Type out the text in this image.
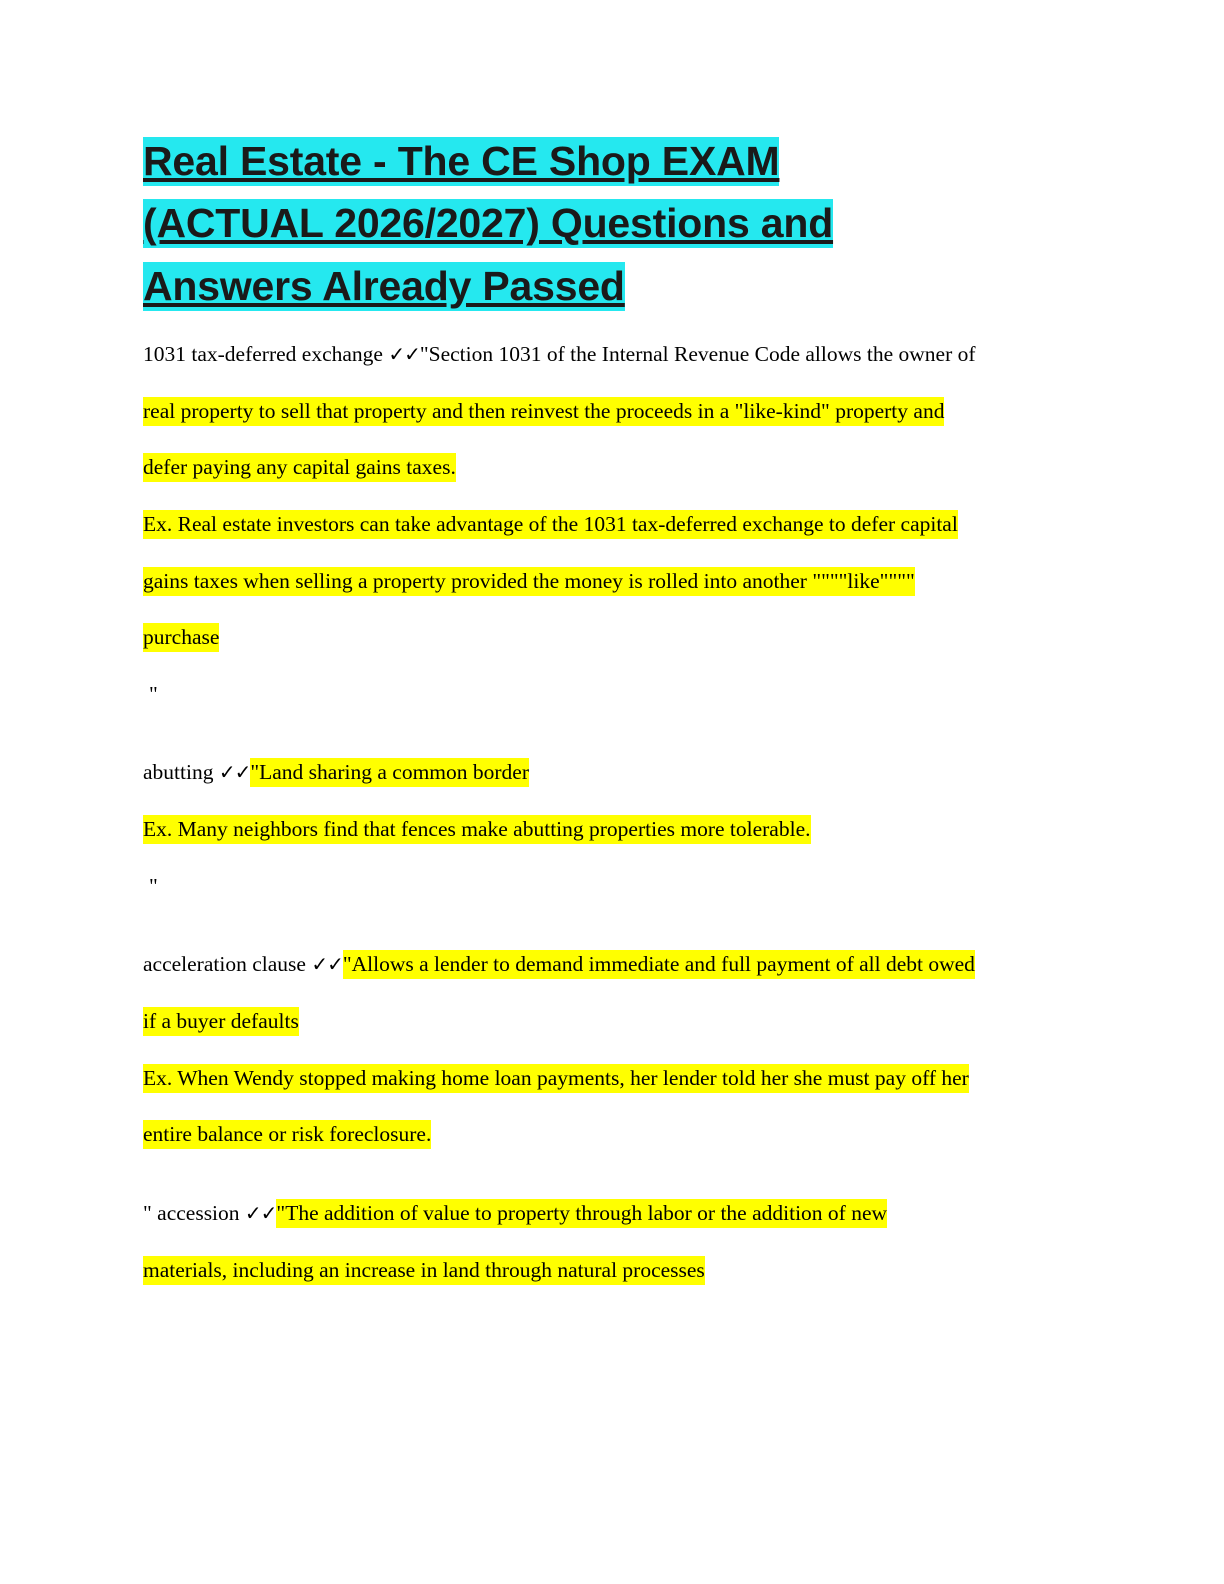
Real Estate - The CE Shop EXAM
(ACTUAL 2026/2027) Questions and
Answers Already Passed

1031 tax-deferred exchange ✓✓"Section 1031 of the Internal Revenue Code allows the owner of

real property to sell that property and then reinvest the proceeds in a "like-kind" property and

defer paying any capital gains taxes.

Ex. Real estate investors can take advantage of the 1031 tax-deferred exchange to defer capital

gains taxes when selling a property provided the money is rolled into another """"like""""

purchase

"

abutting ✓✓"Land sharing a common border

Ex. Many neighbors find that fences make abutting properties more tolerable.

"

acceleration clause ✓✓"Allows a lender to demand immediate and full payment of all debt owed

if a buyer defaults

Ex. When Wendy stopped making home loan payments, her lender told her she must pay off her

entire balance or risk foreclosure.

" accession ✓✓"The addition of value to property through labor or the addition of new

materials, including an increase in land through natural processes
